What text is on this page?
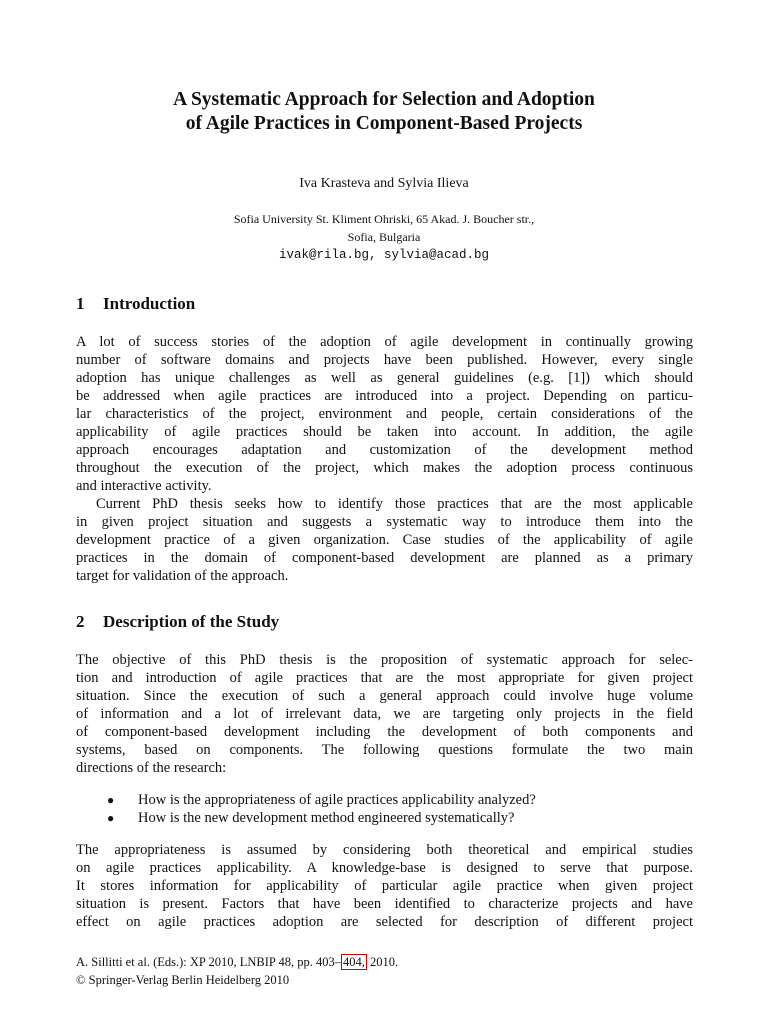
A Systematic Approach for Selection and Adoption
of Agile Practices in Component-Based Projects
Iva Krasteva and Sylvia Ilieva
Sofia University St. Kliment Ohriski, 65 Akad. J. Boucher str.,
Sofia, Bulgaria
ivak@rila.bg, sylvia@acad.bg
1 Introduction
A lot of success stories of the adoption of agile development in continually growing
number of software domains and projects have been published. However, every single
adoption has unique challenges as well as general guidelines (e.g. [1]) which should
be addressed when agile practices are introduced into a project. Depending on particu-
lar characteristics of the project, environment and people, certain considerations of the
applicability of agile practices should be taken into account. In addition, the agile
approach encourages adaptation and customization of the development method
throughout the execution of the project, which makes the adoption process continuous
and interactive activity.
Current PhD thesis seeks how to identify those practices that are the most applicable
in given project situation and suggests a systematic way to introduce them into the
development practice of a given organization. Case studies of the applicability of agile
practices in the domain of component-based development are planned as a primary
target for validation of the approach.
2 Description of the Study
The objective of this PhD thesis is the proposition of systematic approach for selec-
tion and introduction of agile practices that are the most appropriate for given project
situation. Since the execution of such a general approach could involve huge volume
of information and a lot of irrelevant data, we are targeting only projects in the field
of component-based development including the development of both components and
systems, based on components. The following questions formulate the two main
directions of the research:
● How is the appropriateness of agile practices applicability analyzed?
● How is the new development method engineered systematically?
The appropriateness is assumed by considering both theoretical and empirical studies
on agile practices applicability. A knowledge-base is designed to serve that purpose.
It stores information for applicability of particular agile practice when given project
situation is present. Factors that have been identified to characterize projects and have
effect on agile practices adoption are selected for description of different project
A. Sillitti et al. (Eds.): XP 2010, LNBIP 48, pp. 403– 404, 2010.
© Springer-Verlag Berlin Heidelberg 2010
